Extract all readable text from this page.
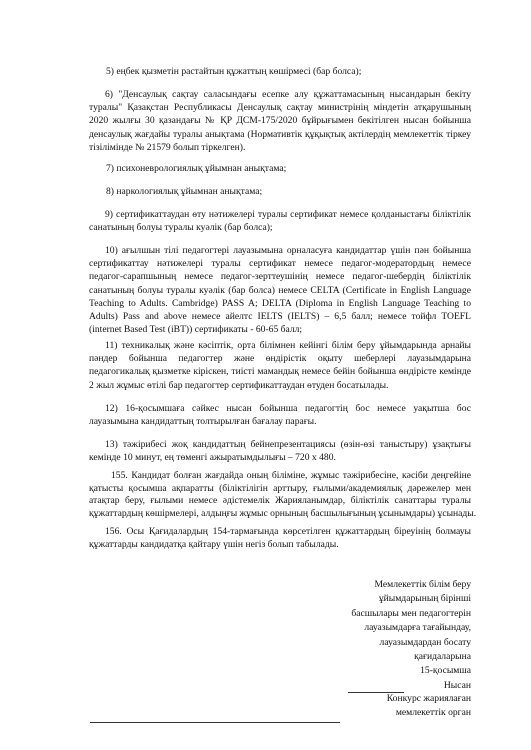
5) еңбек қызметін растайтын құжаттың көшірмесі (бар болса);
6) "Денсаулық сақтау саласындағы есепке алу құжаттамасының нысандарын бекіту
туралы" Қазақстан Республикасы Денсаулық сақтау министрінің міндетін атқарушының
2020 жылғы 30 қазандағы № ҚР ДСМ-175/2020 бұйрығымен бекітілген нысан бойынша
денсаулық жағдайы туралы анықтама (Нормативтік құқықтық актілердің мемлекеттік тіркеу
тізілімінде № 21579 болып тіркелген).
7) психоневрологиялық ұйымнан анықтама;
8) наркологиялық ұйымнан анықтама;
9) сертификаттаудан өту нәтижелері туралы сертификат немесе қолданыстағы біліктілік
санатының болуы туралы куәлік (бар болса);
10) ағылшын тілі педагогтері лауазымына орналасуға кандидаттар үшін пән бойынша
сертификаттау нәтижелері туралы сертификат немесе педагог-модератордың немесе
педагог-сарапшының немесе педагог-зерттеушінің немесе педагог-шебердің біліктілік
санатының болуы туралы куәлік (бар болса) немесе CELTA (Certificate in English Language
Teaching to Adults. Cambridge) PASS A; DELTA (Diploma in English Language Teaching to
Adults) Pass and above немесе айелтс IELTS (IELTS) – 6,5 балл; немесе тойфл TOEFL
(internet Based Test (iBT)) сертификаты - 60-65 балл;
11) техникалық және кәсіптік, орта білімнен кейінгі білім беру ұйымдарында арнайы
пәндер бойынша педагогтер және өндірістік оқыту шеберлері лауазымдарына
педагогикалық қызметке кіріскен, тиісті мамандық немесе бейін бойынша өндірісте кемінде
2 жыл жұмыс өтілі бар педагогтер сертификаттаудан өтуден босатылады.
12) 16-қосымшаға сәйкес нысан бойынша педагогтің бос немесе уақытша бос
лауазымына кандидаттың толтырылған бағалау парағы.
13) тәжірибесі жоқ кандидаттың бейнепрезентациясы (өзін-өзі таныстыру) ұзақтығы
кемінде 10 минут, ең төменгі ажыратымдылығы – 720 x 480.
155. Кандидат болған жағдайда оның біліміне, жұмыс тәжірибесіне, кәсіби деңгейіне
қатысты қосымша ақпаратты (біліктілігін арттыру, ғылыми/академиялық дәрежелер мен
атақтар беру, ғылыми немесе әдістемелік Жарияланымдар, біліктілік санаттары туралы
құжаттардың көшірмелері, алдыңғы жұмыс орнының басшылығының ұсынымдары) ұсынады.
156. Осы Қағидалардың 154-тармағында көрсетілген құжаттардың біреуінің болмауы
құжаттарды кандидатқа қайтару үшін негіз болып табылады.
Мемлекеттік білім беру
ұйымдарының бірінші
басшылары мен педагогтерін
лауазымдарға тағайындау,
лауазымдардан босату
қағидаларына
15-қосымша
Нысан
Конкурс жариялаған
мемлекеттік орган
